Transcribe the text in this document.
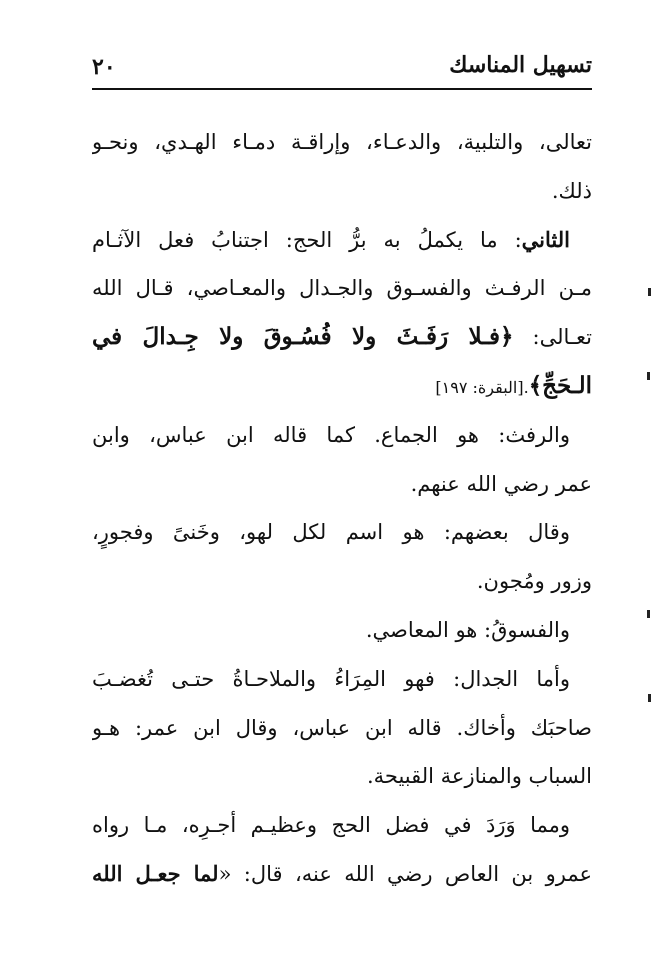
تسهيل المناسك
٢٠
تعالى، والتلبية، والدعـاء، وإراقـة دمـاء الهـدي، ونحـو
ذلك.
الثاني: ما يكملُ به برُّ الحج: اجتنابُ فعل الآثـام
مـن الرفـث والفسـوق والجـدال والمعـاصي، قـال الله
تعـالى: ﴿فـلا رَفَـثَ ولا فُسُـوقَ ولا جِـدالَ في
الـحَجِّ﴾.[البقرة: ١٩٧]
والرفث: هو الجماع. كما قاله ابن عباس، وابن
عمر رضي الله عنهم.
وقال بعضهم: هو اسم لكل لهو، وخَنىً وفجورٍ،
وزور ومُجون.
والفسوقُ: هو المعاصي.
وأما الجدال: فهو المِرَاءُ والملاحـاةُ حتـى تُغضـبَ
صاحبَك وأخاك. قاله ابن عباس، وقال ابن عمر: هـو
السباب والمنازعة القبيحة.
ومما وَرَدَ في فضل الحج وعظيـم أجـرِه، مـا رواه
عمرو بن العاص رضي الله عنه، قال: «لما جعـل الله
